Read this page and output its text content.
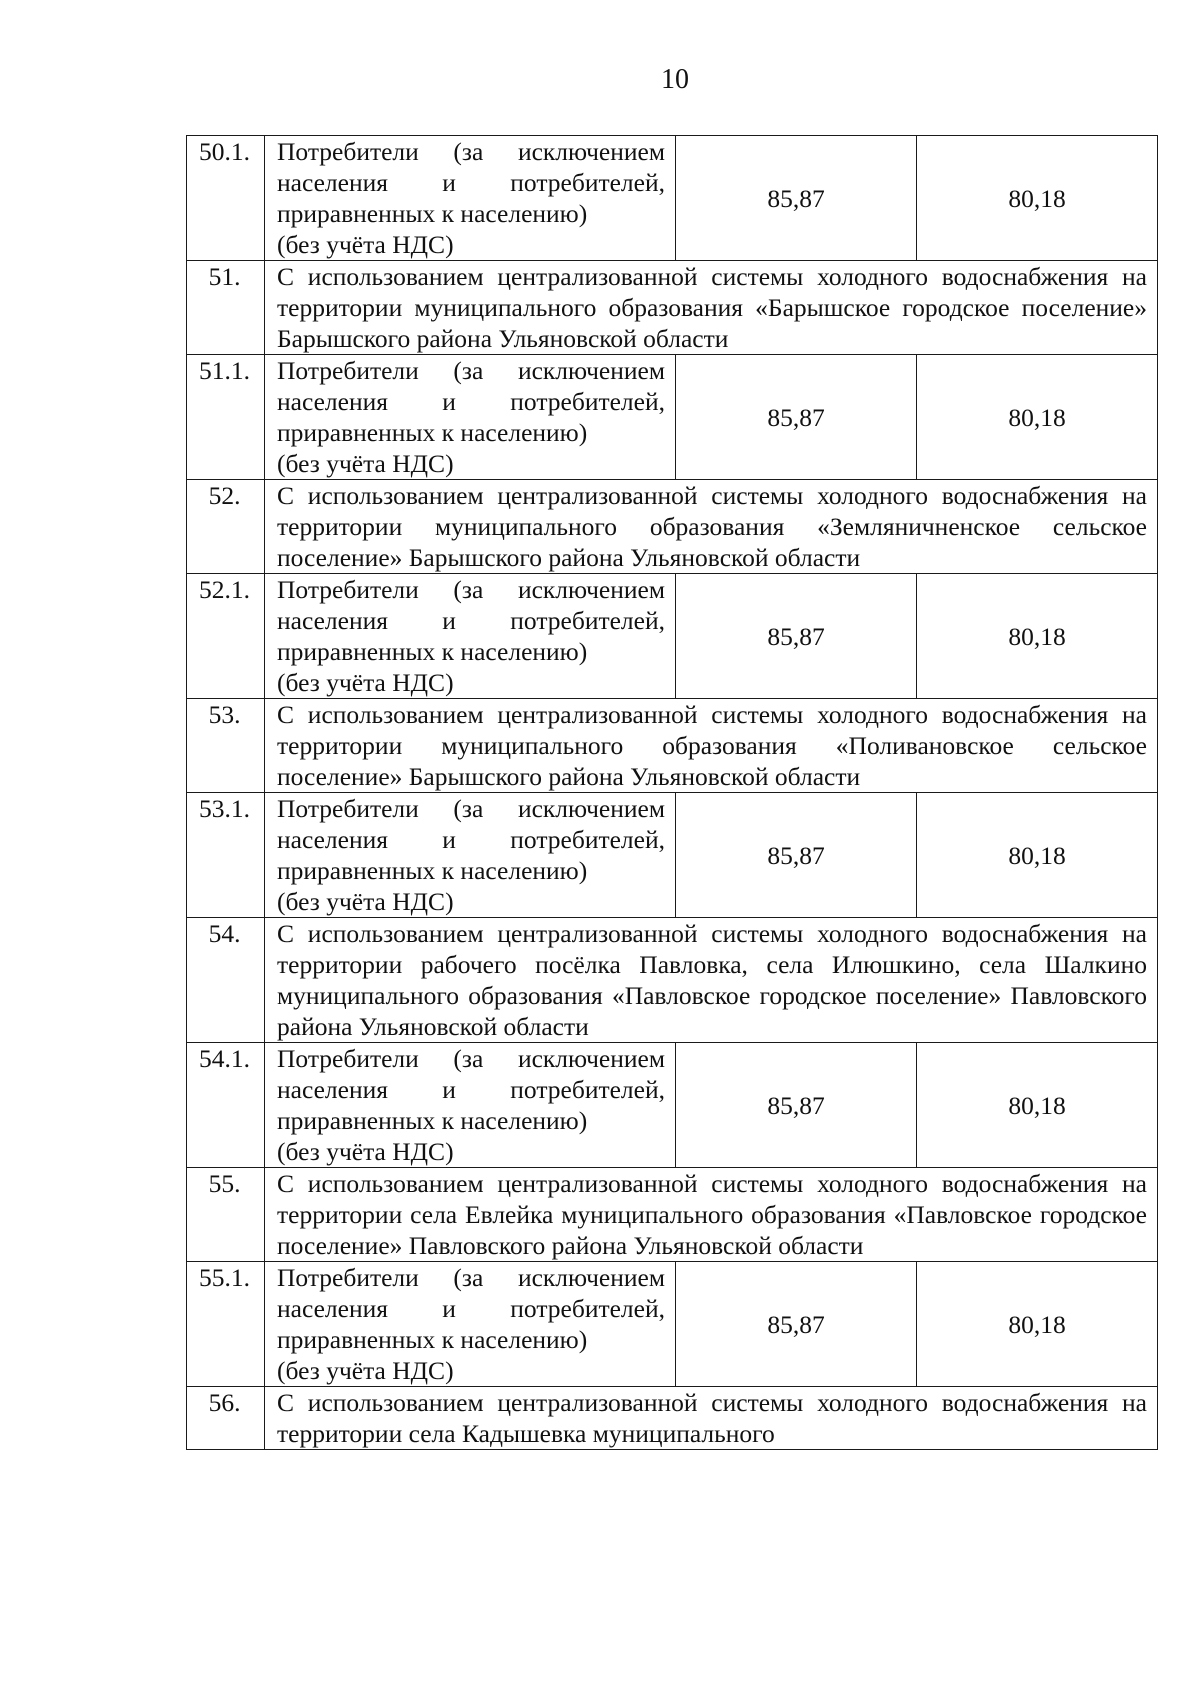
10
50.1.	Потребители (за исключением
населения и потребителей,
приравненных к населению)
(без учёта НДС)	85,87	80,18
51.	С использованием централизованной системы холодного водоснабжения на территории муниципального образования «Барышское городское поселение» Барышского района Ульяновской области		
51.1.	Потребители (за исключением
населения и потребителей,
приравненных к населению)
(без учёта НДС)	85,87	80,18
52.	С использованием централизованной системы холодного водоснабжения на территории муниципального образования «Земляничненское сельское поселение» Барышского района Ульяновской области		
52.1.	Потребители (за исключением
населения и потребителей,
приравненных к населению)
(без учёта НДС)	85,87	80,18
53.	С использованием централизованной системы холодного водоснабжения на территории муниципального образования «Поливановское сельское поселение» Барышского района Ульяновской области		
53.1.	Потребители (за исключением
населения и потребителей,
приравненных к населению)
(без учёта НДС)	85,87	80,18
54.	С использованием централизованной системы холодного водоснабжения на территории рабочего посёлка Павловка, села Илюшкино, села Шалкино муниципального образования «Павловское городское поселение» Павловского района Ульяновской области		
54.1.	Потребители (за исключением
населения и потребителей,
приравненных к населению)
(без учёта НДС)	85,87	80,18
55.	С использованием централизованной системы холодного водоснабжения на территории села Евлейка муниципального образования «Павловское городское поселение» Павловского района Ульяновской области		
55.1.	Потребители (за исключением
населения и потребителей,
приравненных к населению)
(без учёта НДС)	85,87	80,18
56.	С использованием централизованной системы холодного водоснабжения на территории села Кадышевка муниципального		
